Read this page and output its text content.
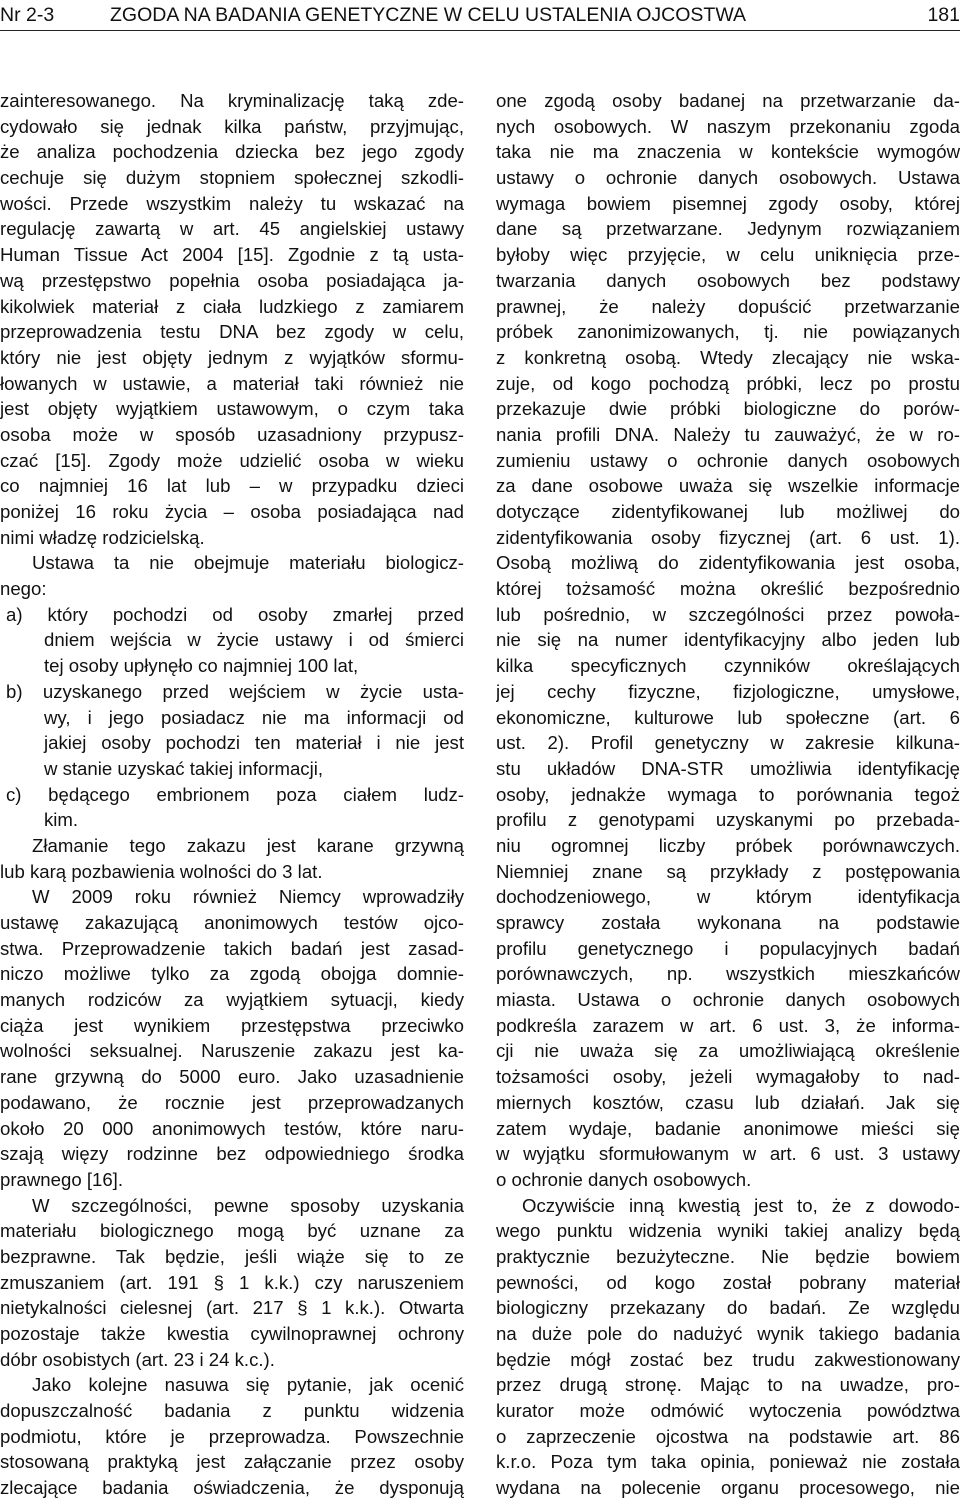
Nr 2-3	ZGODA NA BADANIA GENETYCZNE W CELU USTALENIA OJCOSTWA	181
zainteresowanego. Na kryminalizację taką zde-
cydowało się jednak kilka państw, przyjmując,
że analiza pochodzenia dziecka bez jego zgody
cechuje się dużym stopniem społecznej szkodli-
wości. Przede wszystkim należy tu wskazać na
regulację zawartą w art. 45 angielskiej ustawy
Human Tissue Act 2004 [15]. Zgodnie z tą usta-
wą przestępstwo popełnia osoba posiadająca ja-
kikolwiek materiał z ciała ludzkiego z zamiarem
przeprowadzenia testu DNA bez zgody w celu,
który nie jest objęty jednym z wyjątków sformu-
łowanych w ustawie, a materiał taki również nie
jest objęty wyjątkiem ustawowym, o czym taka
osoba może w sposób uzasadniony przypusz-
czać [15]. Zgody może udzielić osoba w wieku
co najmniej 16 lat lub – w przypadku dzieci
poniżej 16 roku życia – osoba posiadająca nad
nimi władzę rodzicielską.
Ustawa ta nie obejmuje materiału biologicz-
nego:
a) który pochodzi od osoby zmarłej przed
dniem wejścia w życie ustawy i od śmierci
tej osoby upłynęło co najmniej 100 lat,
b) uzyskanego przed wejściem w życie usta-
wy, i jego posiadacz nie ma informacji od
jakiej osoby pochodzi ten materiał i nie jest
w stanie uzyskać takiej informacji,
c) będącego embrionem poza ciałem ludz-
kim.
Złamanie tego zakazu jest karane grzywną
lub karą pozbawienia wolności do 3 lat.
W 2009 roku również Niemcy wprowadziły
ustawę zakazującą anonimowych testów ojco-
stwa. Przeprowadzenie takich badań jest zasad-
niczo możliwe tylko za zgodą obojga domnie-
manych rodziców za wyjątkiem sytuacji, kiedy
ciąża jest wynikiem przestępstwa przeciwko
wolności seksualnej. Naruszenie zakazu jest ka-
rane grzywną do 5000 euro. Jako uzasadnienie
podawano, że rocznie jest przeprowadzanych
około 20 000 anonimowych testów, które naru-
szają więzy rodzinne bez odpowiedniego środka
prawnego [16].
W szczególności, pewne sposoby uzyskania
materiału biologicznego mogą być uznane za
bezprawne. Tak będzie, jeśli wiąże się to ze
zmuszaniem (art. 191 § 1 k.k.) czy naruszeniem
nietykalności cielesnej (art. 217 § 1 k.k.). Otwarta
pozostaje także kwestia cywilnoprawnej ochrony
dóbr osobistych (art. 23 i 24 k.c.).
Jako kolejne nasuwa się pytanie, jak ocenić
dopuszczalność badania z punktu widzenia
podmiotu, które je przeprowadza. Powszechnie
stosowaną praktyką jest załączanie przez osoby
zlecające badania oświadczenia, że dysponują
one zgodą osoby badanej na przetwarzanie da-
nych osobowych. W naszym przekonaniu zgoda
taka nie ma znaczenia w kontekście wymogów
ustawy o ochronie danych osobowych. Ustawa
wymaga bowiem pisemnej zgody osoby, której
dane są przetwarzane. Jedynym rozwiązaniem
byłoby więc przyjęcie, w celu uniknięcia prze-
twarzania danych osobowych bez podstawy
prawnej, że należy dopuścić przetwarzanie
próbek zanonimizowanych, tj. nie powiązanych
z konkretną osobą. Wtedy zlecający nie wska-
zuje, od kogo pochodzą próbki, lecz po prostu
przekazuje dwie próbki biologiczne do porów-
nania profili DNA. Należy tu zauważyć, że w ro-
zumieniu ustawy o ochronie danych osobowych
za dane osobowe uważa się wszelkie informacje
dotyczące zidentyfikowanej lub możliwej do
zidentyfikowania osoby fizycznej (art. 6 ust. 1).
Osobą możliwą do zidentyfikowania jest osoba,
której tożsamość można określić bezpośrednio
lub pośrednio, w szczególności przez powoła-
nie się na numer identyfikacyjny albo jeden lub
kilka specyficznych czynników określających
jej cechy fizyczne, fizjologiczne, umysłowe,
ekonomiczne, kulturowe lub społeczne (art. 6
ust. 2). Profil genetyczny w zakresie kilkuna-
stu układów DNA-STR umożliwia identyfikację
osoby, jednakże wymaga to porównania tegoż
profilu z genotypami uzyskanymi po przebada-
niu ogromnej liczby próbek porównawczych.
Niemniej znane są przykłady z postępowania
dochodzeniowego, w którym identyfikacja
sprawcy została wykonana na podstawie
profilu genetycznego i populacyjnych badań
porównawczych, np. wszystkich mieszkańców
miasta. Ustawa o ochronie danych osobowych
podkreśla zarazem w art. 6 ust. 3, że informa-
cji nie uważa się za umożliwiającą określenie
tożsamości osoby, jeżeli wymagałoby to nad-
miernych kosztów, czasu lub działań. Jak się
zatem wydaje, badanie anonimowe mieści się
w wyjątku sformułowanym w art. 6 ust. 3 ustawy
o ochronie danych osobowych.
Oczywiście inną kwestią jest to, że z dowodo-
wego punktu widzenia wyniki takiej analizy będą
praktycznie bezużyteczne. Nie będzie bowiem
pewności, od kogo został pobrany materiał
biologiczny przekazany do badań. Ze względu
na duże pole do nadużyć wynik takiego badania
będzie mógł zostać bez trudu zakwestionowany
przez drugą stronę. Mając to na uwadze, pro-
kurator może odmówić wytoczenia powództwa
o zaprzeczenie ojcostwa na podstawie art. 86
k.r.o. Poza tym taka opinia, ponieważ nie została
wydana na polecenie organu procesowego, nie
